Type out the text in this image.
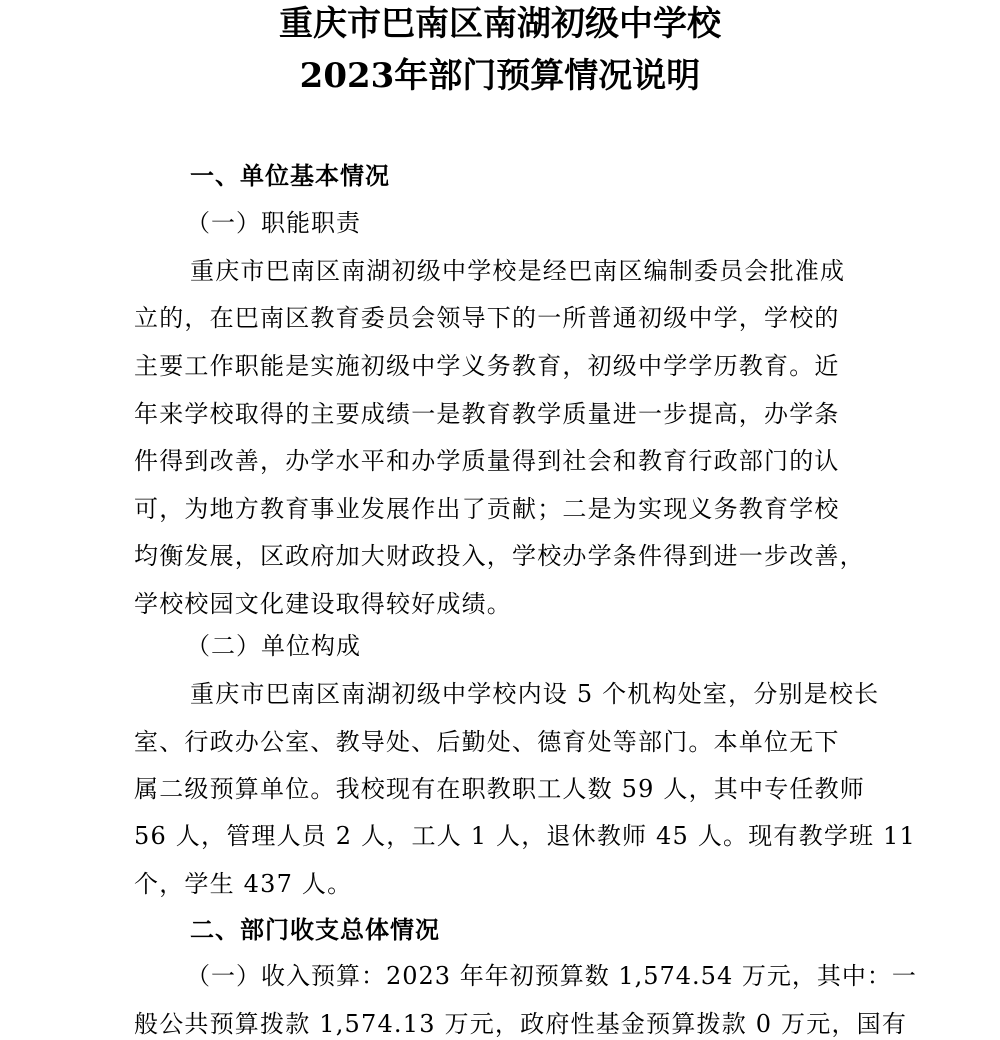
重庆市巴南区南湖初级中学校
2023年部门预算情况说明
一、单位基本情况
（一）职能职责
重庆市巴南区南湖初级中学校是经巴南区编制委员会批准成
立的，在巴南区教育委员会领导下的一所普通初级中学，学校的
主要工作职能是实施初级中学义务教育，初级中学学历教育。近
年来学校取得的主要成绩一是教育教学质量进一步提高，办学条
件得到改善，办学水平和办学质量得到社会和教育行政部门的认
可，为地方教育事业发展作出了贡献；二是为实现义务教育学校
均衡发展，区政府加大财政投入，学校办学条件得到进一步改善，
学校校园文化建设取得较好成绩。
（二）单位构成
重庆市巴南区南湖初级中学校内设 5 个机构处室，分别是校长
室、行政办公室、教导处、后勤处、德育处等部门。本单位无下
属二级预算单位。我校现有在职教职工人数 59 人，其中专任教师
56 人，管理人员 2 人，工人 1 人，退休教师 45 人。现有教学班 11
个，学生 437 人。
二、部门收支总体情况
（一）收入预算：2023 年年初预算数 1,574.54 万元，其中：一
般公共预算拨款 1,574.13 万元，政府性基金预算拨款 0 万元，国有
